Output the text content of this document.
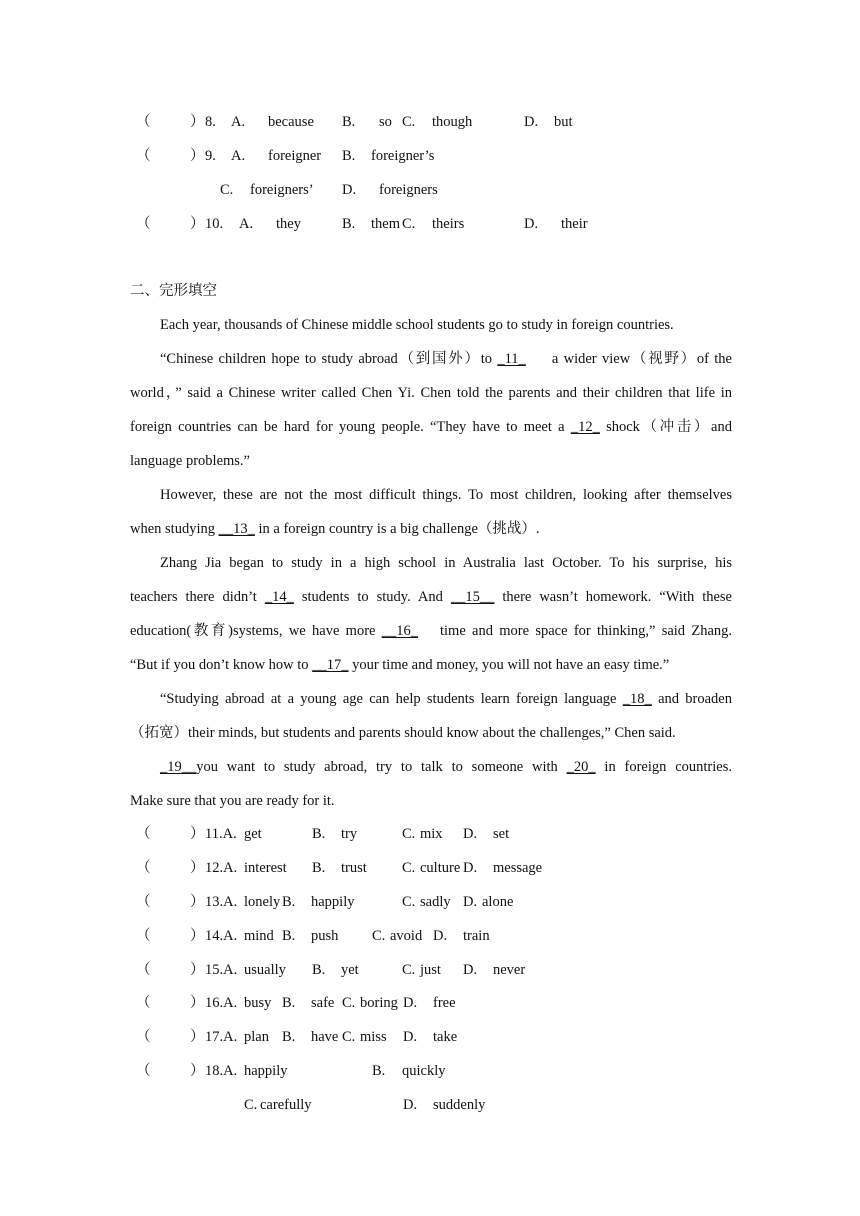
（	） 8. A. because B. so C. though	D. but
（	） 9. A. foreigner B. foreigner’s
C. foreigners’ D. foreigners
（	） 10. A. they	B. them C. theirs	D. their
二、完形填空
Each year, thousands of Chinese middle school students go to study in foreign countries.
“Chinese children hope to study abroad（到国外）to _11_ a wider view（视野）of the
world，” said a Chinese writer called Chen Yi. Chen told the parents and their children that life in
foreign countries can be hard for young people. “They have to meet a _12_ shock（冲击）and
language problems.”
However, these are not the most difficult things. To most children, looking after themselves
when studying __13_ in a foreign country is a big challenge（挑战）.
Zhang Jia began to study in a high school in Australia last October. To his surprise, his
teachers there didn’t _14_ students to study. And __15__ there wasn’t homework. “With these
education(教育)systems, we have more __16_ time and more space for thinking,” said Zhang.
“But if you don’t know how to __17_ your time and money, you will not have an easy time.”
“Studying abroad at a young age can help students learn foreign language _18_ and broaden
（拓宽）their minds, but students and parents should know about the challenges,” Chen said.
_19__you want to study abroad, try to talk to someone with _20_ in foreign countries.
Make sure that you are ready for it.
（	） 11.A. get	B. try	C. mix D. set
（	） 12.A. interest B. trust C. culture D. message
（	） 13.A. lonely B. happily	C. sadly D. alone
（	） 14.A. mind B. push C. avoid D. train
（	） 15.A. usually B. yet	C. just D. never
（	） 16.A. busy B. safe C. boring D. free
（	） 17.A. plan B. have C. miss D. take
（	） 18.A. happily	B. quickly
C. carefully	D. suddenly
